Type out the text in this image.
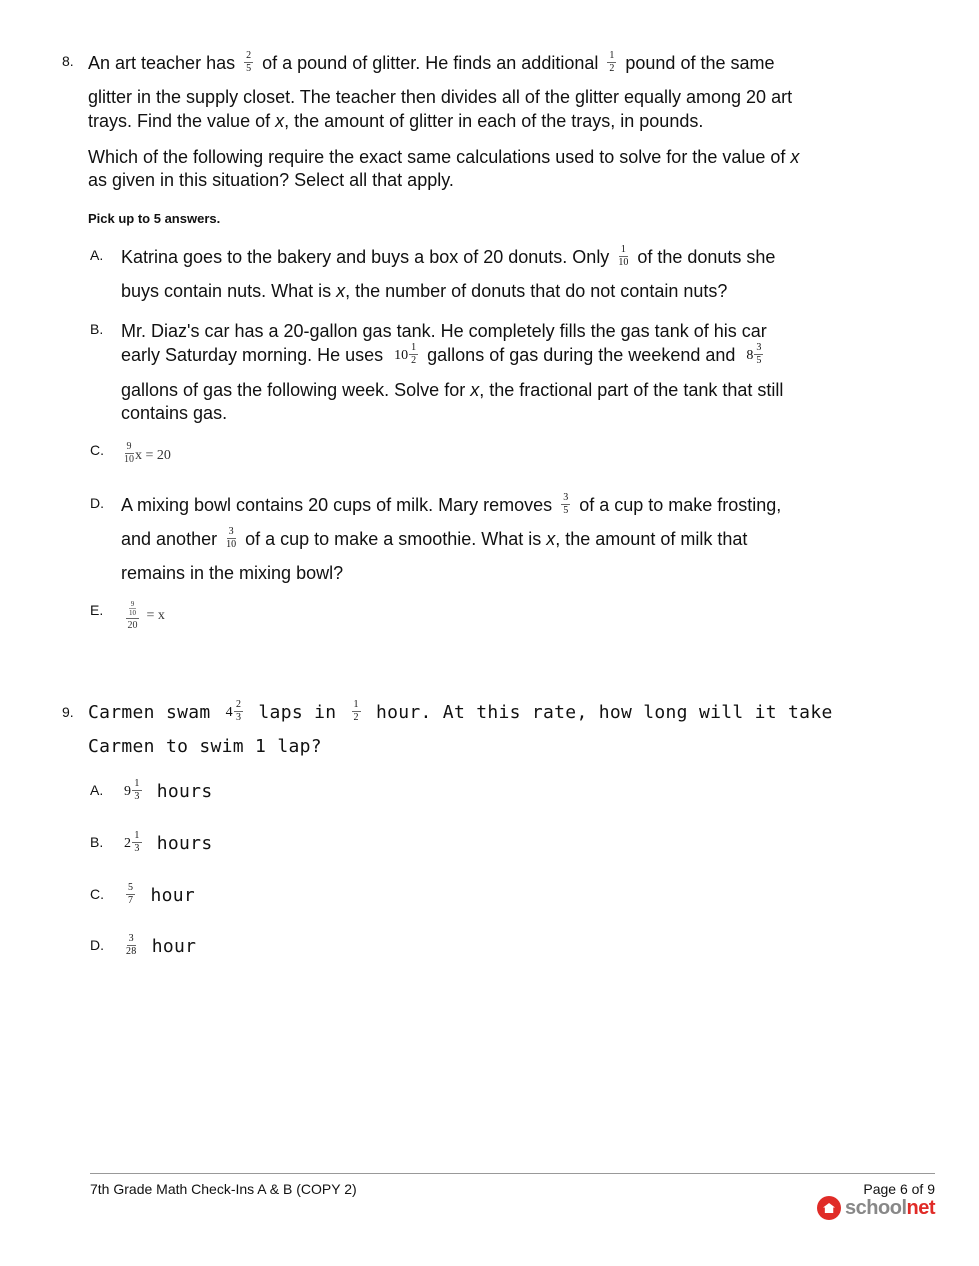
8. An art teacher has $\frac{2}{5}$ of a pound of glitter. He finds an additional $\frac{1}{2}$ pound of the same
glitter in the supply closet. The teacher then divides all of the glitter equally among 20 art
trays. Find the value of x, the amount of glitter in each of the trays, in pounds.
Which of the following require the exact same calculations used to solve for the value of x
as given in this situation? Select all that apply.
Pick up to 5 answers.
A. Katrina goes to the bakery and buys a box of 20 donuts. Only $\frac{1}{10}$ of the donuts she
buys contain nuts. What is x, the number of donuts that do not contain nuts?
B. Mr. Diaz's car has a 20-gallon gas tank. He completely fills the gas tank of his car
early Saturday morning. He uses $10 \frac{1}{2}$ gallons of gas during the weekend and $8 \frac{3}{5}$
gallons of gas the following week. Solve for x, the fractional part of the tank that still
contains gas.
C. $\frac{9}{10}$ x = 20
D. A mixing bowl contains 20 cups of milk. Mary removes $\frac{3}{5}$ of a cup to make frosting,
and another $\frac{3}{10}$ of a cup to make a smoothie. What is x, the amount of milk that
remains in the mixing bowl?
E.	9
10
20
= x
9. Carmen swam $4 \frac{2}{3}$ laps in $\frac{1}{2}$ hour. At this rate, how long will it take
Carmen to swim 1 lap?
A. $9 \frac{1}{3}$ hours
B. $2 \frac{1}{3}$ hours
C. $\frac{5}{7}$ hour
D. $\frac{3}{28}$ hour
7th Grade Math Check-Ins A & B (COPY 2)	Page 6 of 9
schoolnet
